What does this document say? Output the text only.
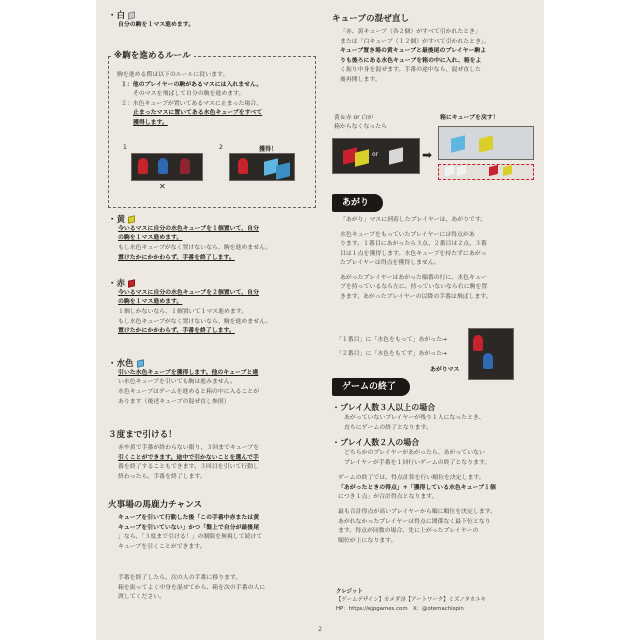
・白
自分の駒を１マス進めます。
※駒を進めるルール
駒を進める際は以下のルールに従います。
１：他のプレイヤーの駒があるマスには入れません。
そのマスを飛ばして自分の駒を進めます。
２：水色キューブが置いてあるマスに止まった場合、
止まったマスに置いてある水色キューブをすべて
獲得します。
1
✕
2	獲得！
・黄
今いるマスに自分の水色キューブを１個置いて、自分
の駒を１マス進めます。
もし水色キューブがなく置けないなら、駒を進めません。
置けたかにかかわらず、手番を終了します。
・赤
今いるマスに自分の水色キューブを２個置いて、自分
の駒を１マス進めます。
１個しかないなら、１個置いて１マス進めます。
もし水色キューブがなく置けないなら、駒を進めません。
置けたかにかかわらず、手番を終了します。
・水色
引いた水色キューブを獲得します。他のキューブと違
い水色キューブを引いても駒は進みません。
水色キューブはゲームを進めると箱の中に入ることが
あります（後述キューブの混ぜ直し参照）
３度まで引ける！
赤や黄で手番が終わらない限り、３回までキューブを
引くことができます。途中で引かないことを選んで手
番を終了することもできます。３回目を引いて行動し
終わったら、手番を終了します。
火事場の馬鹿力チャンス
キューブを引いて行動した後「この手番中赤または黄
キューブを引いていない」かつ「盤上で自分が最後尾
」なら、「３度まで引ける！」の制限を無視して続けて
キューブを引くことができます。
手番を終了したら、次の人の手番に移ります。
箱を振ってよく中身を混ぜてから、箱を次の手番の人に
渡してください。
キューブの混ぜ直し
「赤、黄キューブ（各２個）がすべて引かれたとき」
または「白キューブ（１２個）がすべて引かれたとき」、
キューブ置き場の黄キューブと最後尾のプレイヤー駒よ
りも後ろにある水色キューブを箱の中に入れ、箱をよ
く振り中身を混ぜます。手番の途中なら、混ぜ直した
後再開します。
黄＆赤 or 白が
箱からなくなったら
or	➡
箱にキューブを戻す！
あがり
「あがり」マスに到着したプレイヤーは、あがりです。
水色キューブをもっていたプレイヤーには得点があ
ります。１番目にあがったら３点、２番目は２点、３番
目は１点を獲得します。水色キューブを持たずにあがっ
たプレイヤーは得点を獲得しません。
あがったプレイヤーはあがった順番の行に、水色キュー
ブを持っているなら左に、持っていないなら右に駒を置
きます。あがったプレイヤーの以降の手番は飛ばします。
「１番目」に「水色をもって」あがった→
「２番目」に「水色をもてず」あがった→
あがりマス
ゲームの終了
・プレイ人数３人以上の場合
あがっていないプレイヤーが残り１人になったとき、
直ちにゲームの終了となります。
・プレイ人数２人の場合
どちらかのプレイヤーがあがったら、あがっていない
プレイヤーが手番を１回行いゲームの終了となります。
ゲームの終了では、得点計算を行い順位を決定します。
「あがったときの得点」+「獲得している水色キューブ１個
につき１点」が合計得点となります。
最も合計得点が高いプレイヤーから順に順位を決定します。
あがれなかったプレイヤーは得点に関係なく最下位となり
ます。得点が同数の場合、先に上がったプレイヤーの
順位が上になります。
クレジット
【ゲームデザイン】カメダ冴【アートワーク】ミズノタカユキ
HP：https://ejpgames.com　X：@otemachispin
2
